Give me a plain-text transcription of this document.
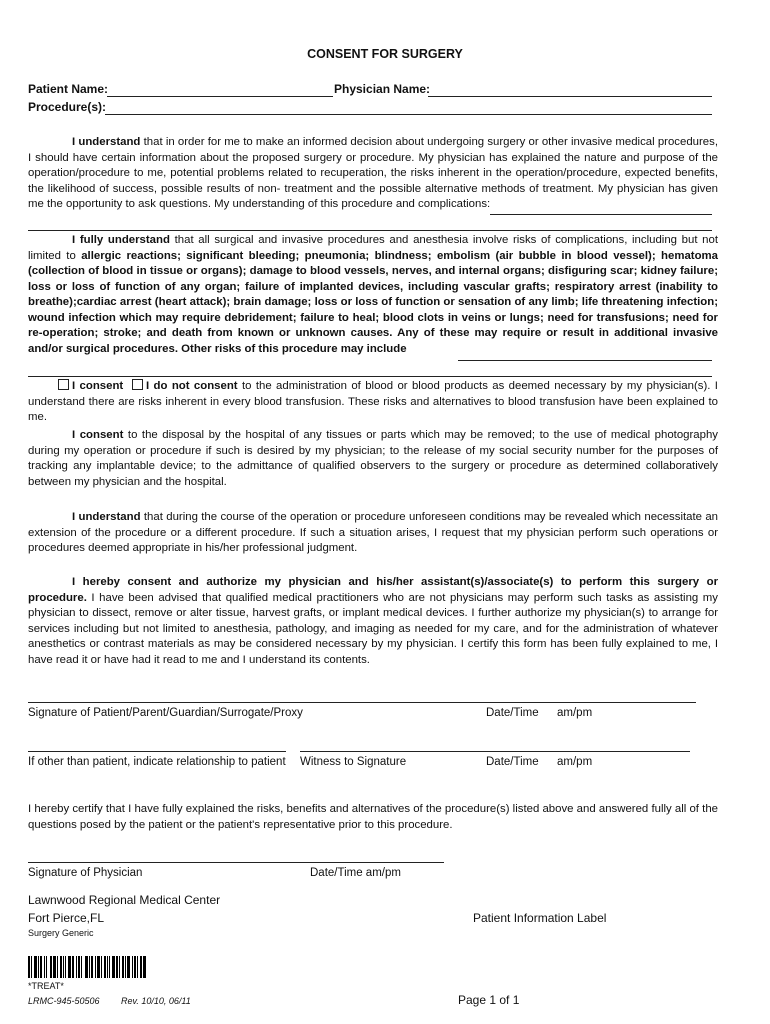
CONSENT FOR SURGERY
Patient Name:	Physician Name:
Procedure(s):
I understand that in order for me to make an informed decision about undergoing surgery or other invasive medical procedures, I should have certain information about the proposed surgery or procedure. My physician has explained the nature and purpose of the operation/procedure to me, potential problems related to recuperation, the risks inherent in the operation/procedure, expected benefits, the likelihood of success, possible results of non- treatment and the possible alternative methods of treatment. My physician has given me the opportunity to ask questions. My understanding of this procedure and complications:
I fully understand that all surgical and invasive procedures and anesthesia involve risks of complications, including but not limited to allergic reactions; significant bleeding; pneumonia; blindness; embolism (air bubble in blood vessel); hematoma (collection of blood in tissue or organs); damage to blood vessels, nerves, and internal organs; disfiguring scar; kidney failure; loss or loss of function of any organ; failure of implanted devices, including vascular grafts; respiratory arrest (inability to breathe);cardiac arrest (heart attack); brain damage; loss or loss of function or sensation of any limb; life threatening infection; wound infection which may require debridement; failure to heal; blood clots in veins or lungs; need for transfusions; need for re-operation; stroke; and death from known or unknown causes. Any of these may require or result in additional invasive and/or surgical procedures. Other risks of this procedure may include
I consent I do not consent to the administration of blood or blood products as deemed necessary by my physician(s). I understand there are risks inherent in every blood transfusion. These risks and alternatives to blood transfusion have been explained to me.
I consent to the disposal by the hospital of any tissues or parts which may be removed; to the use of medical photography during my operation or procedure if such is desired by my physician; to the release of my social security number for the purposes of tracking any implantable device; to the admittance of qualified observers to the surgery or procedure as determined collaboratively between my physician and the hospital.
I understand that during the course of the operation or procedure unforeseen conditions may be revealed which necessitate an extension of the procedure or a different procedure. If such a situation arises, I request that my physician perform such operations or procedures deemed appropriate in his/her professional judgment.
I hereby consent and authorize my physician and his/her assistant(s)/associate(s) to perform this surgery or procedure. I have been advised that qualified medical practitioners who are not physicians may perform such tasks as assisting my physician to dissect, remove or alter tissue, harvest grafts, or implant medical devices. I further authorize my physician(s) to arrange for services including but not limited to anesthesia, pathology, and imaging as needed for my care, and for the administration of whatever anesthetics or contrast materials as may be considered necessary by my physician. I certify this form has been fully explained to me, I have read it or have had it read to me and I understand its contents.
Signature of Patient/Parent/Guardian/Surrogate/Proxy	Date/Time am/pm
If other than patient, indicate relationship to patient Witness to Signature	Date/Time am/pm
I hereby certify that I have fully explained the risks, benefits and alternatives of the procedure(s) listed above and answered fully all of the questions posed by the patient or the patient's representative prior to this procedure.
Signature of Physician	Date/Time am/pm
Lawnwood Regional Medical Center
Fort Pierce,FL
Surgery Generic
Patient Information Label
*TREAT*
LRMC-945-50506 Rev. 10/10, 06/11	Page 1 of 1
